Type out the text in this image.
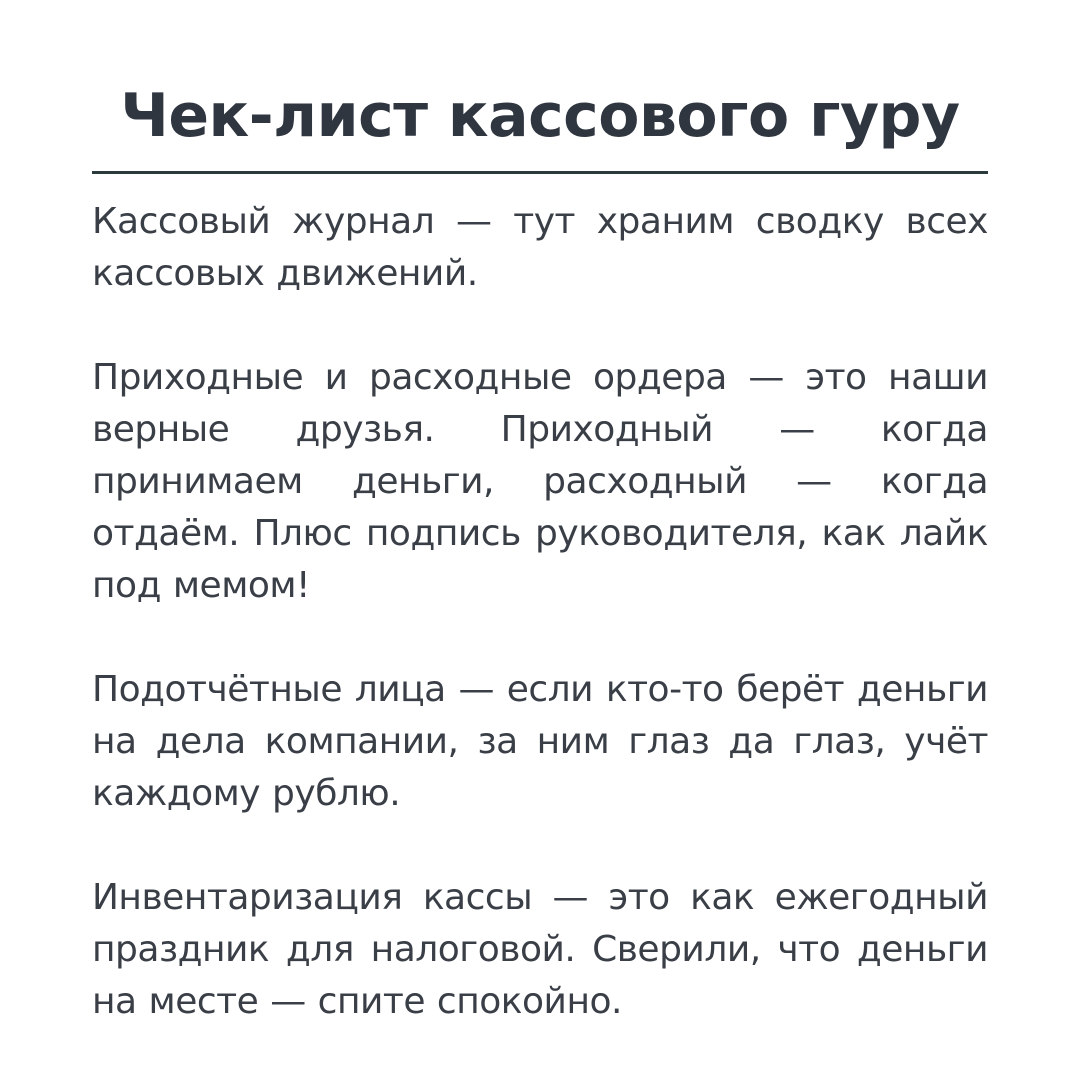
Чек-лист кассового гуру

Кассовый журнал — тут храним сводку всех кассовых движений.

Приходные и расходные ордера — это наши верные друзья. Приходный — когда принимаем деньги, расходный — когда отдаём. Плюс подпись руководителя, как лайк под мемом!

Подотчётные лица — если кто-то берёт деньги на дела компании, за ним глаз да глаз, учёт каждому рублю.

Инвентаризация кассы — это как ежегодный праздник для налоговой. Сверили, что деньги на месте — спите спокойно.
